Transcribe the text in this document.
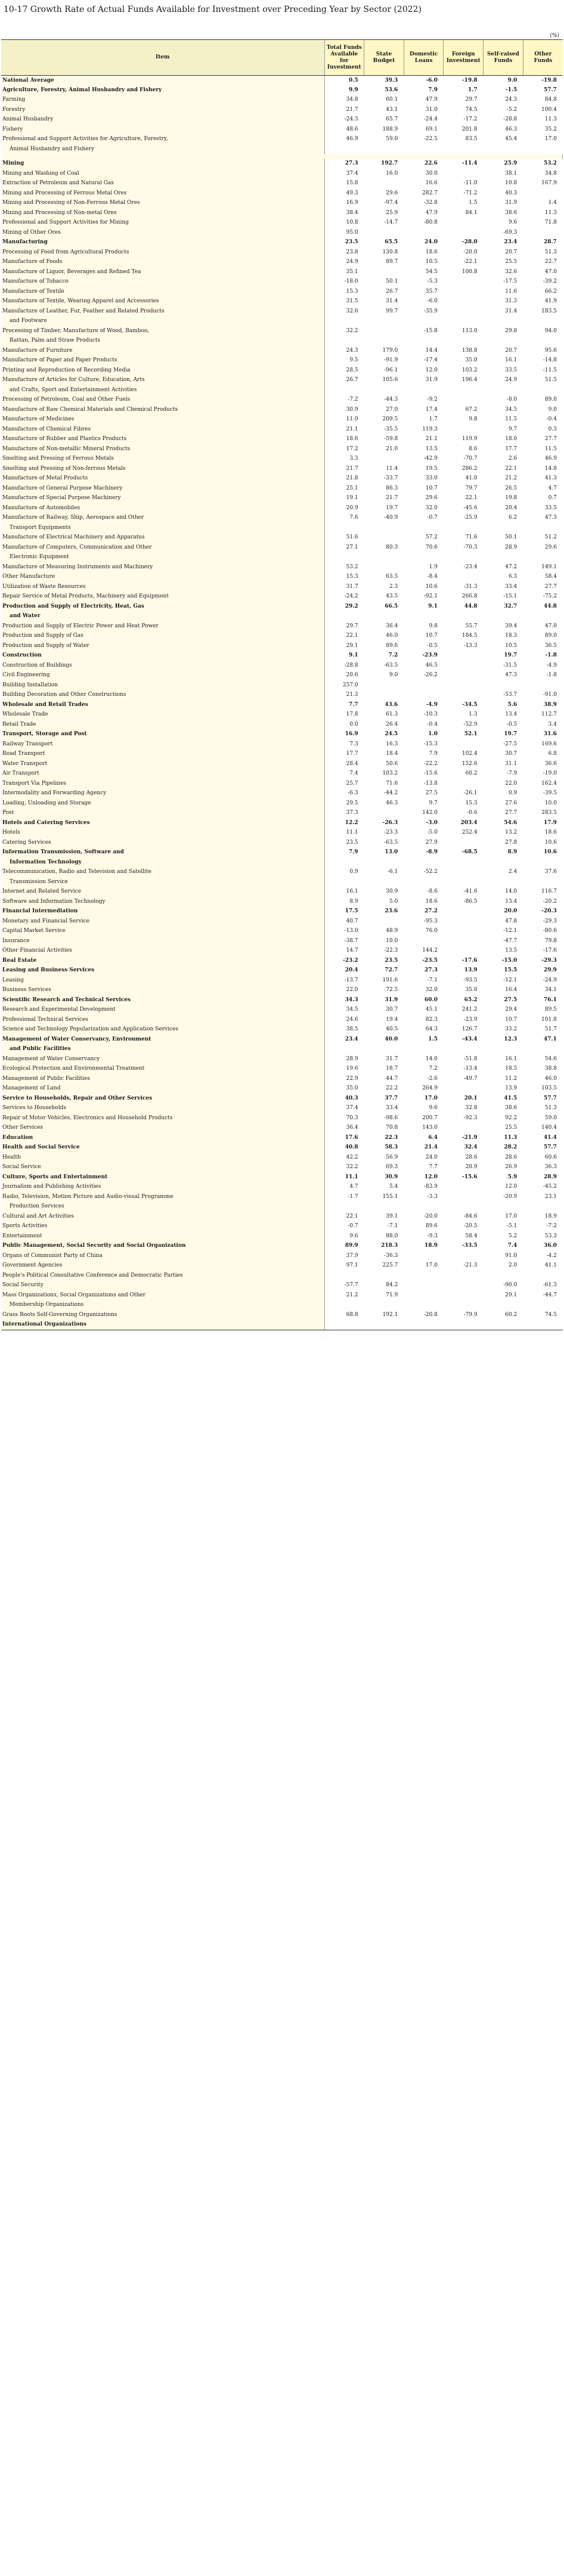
10-17 Growth Rate of Actual Funds Available for Investment over Preceding Year by Sector (2022)
(%)
Item	Total Funds Available for Investment	State Budget	Domestic Loans	Foreign Investment	Self-raised Funds	Other Funds
National Average	0.5	39.3	-6.0	-19.8	9.0	-19.8
Agriculture, Forestry, Animal Husbandry and Fishery	9.9	53.6	7.9	1.7	-1.5	57.7
Farming	34.8	60.1	47.9	29.7	24.3	84.8
Forestry	21.7	43.1	31.0	74.5	-5.2	100.4
Animal Husbandry	-24.3	65.7	-24.4	-17.2	-28.8	11.3
Fishery	48.6	188.9	69.1	201.8	46.3	35.2
Professional and Support Activities for Agriculture, Forestry,	46.9	59.0	-22.5	83.5	45.4	17.0
Animal Husbandry and Fishery						

Mining	27.3	192.7	22.6	-11.4	25.9	53.2
Mining and Washing of Coal	37.4	16.0	30.0		38.1	34.8
Extraction of Petroleum and Natural Gas	15.8		16.6	-11.0	10.8	167.9
Mining and Processing of Ferrous Metal Ores	49.3	29.6	282.7	-71.2	40.3	
Mining and Processing of Non-Ferrous Metal Ores	16.9	-97.4	-32.8	1.5	31.9	1.4
Mining and Processing of Non-metal Ores	38.4	25.9	47.9	84.1	38.6	11.3
Professional and Support Activities for Mining	10.8	-14.7	-80.8		9.6	71.8
Mining of Other Ores	95.0				-69.3	
Manufacturing	23.5	65.5	24.0	-28.0	23.4	28.7
Processing of Food from Agricultural Products	23.8	130.8	18.6	-20.0	20.7	51.3
Manufacture of Foods	24.9	89.7	10.5	-22.1	25.5	22.7
Manufacture of Liquor, Beverages and Refined Tea	35.1		54.5	100.8	32.6	47.0
Manufacture of Tobacco	-18.0	50.1	-5.3		-17.5	-39.2
Manufacture of Textile	15.3	26.7	35.7		11.6	66.2
Manufacture of Textile, Wearing Apparel and Accessories	31.5	31.4	-6.0		31.3	41.9
Manufacture of Leather, Fur, Feather and Related Products	32.6	99.7	-35.9		31.4	183.5
and Footware						
Processing of Timber, Manufacture of Wood, Bamboo,	32.2		-15.8	113.0	29.8	94.0
Rattan, Palm and Straw Products						
Manufacture of Furniture	24.3	179.0	14.4	138.8	20.7	95.6
Manufacture of Paper and Paper Products	9.5	-91.9	-17.4	35.0	16.1	-14.8
Printing and Reproduction of Recording Media	28.5	-96.1	12.0	103.2	33.5	-11.5
Manufacture of Articles for Culture, Education, Arts	26.7	105.6	31.9	196.4	24.9	51.5
and Crafts, Sport and Entertainment Activities						
Processing of Petroleum, Coal and Other Fuels	-7.2	-44.3	-9.2		-8.0	89.0
Manufacture of Raw Chemical Materials and Chemical Products	30.9	27.0	17.4	67.2	34.5	9.0
Manufacture of Medicines	11.0	209.5	1.7	9.8	11.5	-0.4
Manufacture of Chemical Fibres	21.1	-35.5	119.3		9.7	0.3
Manufacture of Rubber and Plastics Products	18.6	-59.8	21.1	119.9	18.0	27.7
Manufacture of Non-metallic Mineral Products	17.2	21.0	13.5	8.6	17.7	11.5
Smelting and Pressing of Ferrous Metals	3.3		-42.9	-70.7	2.6	46.9
Smelting and Pressing of Non-ferrous Metals	21.7	11.4	19.5	286.2	22.1	14.8
Manufacture of Metal Products	21.8	-33.7	33.0	41.0	21.2	41.3
Manufacture of General Purpose Machinery	25.1	86.3	10.7	79.7	26.5	4.7
Manufacture of Special Purpose Machinery	19.1	21.7	29.6	22.1	19.8	0.7
Manufacture of Automobiles	20.9	19.7	32.0	-45.6	20.4	33.5
Manufacture of Railway, Ship, Aerospace and Other	7.6	-40.9	-0.7	-25.9	6.2	47.3
Transport Equipments						
Manufacture of Electrical Machinery and Apparatus	51.6		57.2	71.6	50.1	51.2
Manufacture of Computers, Communication and Other	27.1	80.3	70.6	-70.3	28.9	29.6
Electronic Equipment						
Manufacture of Measuring Instruments and Machinery	53.2		1.9	-23.4	47.2	149.1
Other Manufacture	15.3	63.5	-8.4		6.3	58.4
Utilization of Waste Resources	31.7	2.3	10.6	-31.3	33.4	27.7
Repair Service of Metal Products, Machinery and Equipment	-24.2	43.5	-92.1	266.8	-15.1	-75.2
Production and Supply of Electricity, Heat, Gas	29.2	66.5	9.1	44.8	32.7	44.8
and Water						
Production and Supply of Electric Power and Heat Power	29.7	36.4	9.8	55.7	39.4	47.0
Production and Supply of Gas	22.1	46.0	10.7	184.5	18.3	89.0
Production and Supply of Water	29.1	89.6	-0.5	-13.3	10.5	36.5
Construction	9.1	7.2	-23.9		19.7	-1.8
Construction of Buildings	-28.8	-63.5	46.5		-31.5	-4.9
Civil Engineering	20.6	9.0	-26.2		47.3	-1.8
Building Installation	257.0					
Building Decoration and Other Constructions	21.3				-53.7	-91.0
Wholesale and Retail Trades	7.7	43.6	-4.9	-34.5	5.6	38.9
Wholesale Trade	17.8	61.3	-10.3	1.3	13.4	112.7
Retail Trade	0.0	26.4	-0.4	-52.9	-0.5	3.4
Transport, Storage and Post	16.9	24.5	1.0	52.1	19.7	31.6
Railway Transport	7.3	16.3	-15.3		-27.5	169.6
Road Transport	17.7	18.4	7.9	102.4	30.7	6.8
Water Transport	28.4	50.6	-22.2	152.6	31.1	36.6
Air Transport	7.4	103.2	-15.6	60.2	-7.9	-19.0
Transport Via Pipelines	25.7	71.6	-13.8		22.0	162.4
Intermodality and Forwarding Agency	-6.3	-44.2	27.5	-26.1	0.9	-39.5
Loading, Unloading and Storage	29.5	46.3	9.7	15.3	27.6	10.0
Post	37.3		142.0	-0.6	27.7	283.5
Hotels and Catering Services	12.2	-26.3	-3.0	203.4	54.6	17.9
Hotels	11.1	-23.3	-5.0	252.4	13.2	18.6
Catering Services	23.5	-63.5	27.9		27.8	10.6
Information Transmission, Software and	7.9	13.0	-8.9	-68.5	8.9	10.6
Information Technology						
Telecommunication, Radio and Television and Satellite	0.9	-6.1	-52.2		2.4	37.6
Transmission Service						
Internet and Related Service	16.1	30.9	-8.6	-41.6	14.0	116.7
Software and Information Technology	8.9	5.0	18.6	-86.5	13.4	-20.2
Financial Intermediation	17.5	23.6	27.2		20.0	-20.3
Monetary and Financial Service	40.7		-95.3		47.8	-29.3
Capital Market Service	-13.0	48.9	76.0		-12.1	-80.6
Insurance	-38.7	10.0			-47.7	79.8
Other Financial Activities	14.7	-22.3	144.2		13.5	-17.6
Real Estate	-23.2	23.5	-23.5	-17.6	-15.0	-29.3
Leasing and Business Services	20.4	72.7	27.3	13.9	15.5	29.9
Leasing	-13.7	191.6	-7.1	-93.5	-12.1	-24.9
Business Services	22.0	72.5	32.0	35.0	16.4	34.1
Scientific Research and Technical Services	34.3	31.9	60.0	65.2	27.5	76.1
Research and Experimental Development	34.5	30.7	45.1	241.2	29.4	89.5
Professional Technical Services	24.6	19.4	82.3	-23.9	10.7	101.8
Science and Technology Popularization and Application Services	38.5	40.5	64.3	126.7	33.2	51.7
Management of Water Conservancy, Environment	23.4	40.0	1.5	-43.4	12.3	47.1
and Public Facilities						
Management of Water Conservancy	28.9	31.7	14.0	-51.8	16.1	54.6
Ecological Protection and Environmental Treatment	19.6	18.7	7.2	-13.4	18.5	38.8
Management of Public Facilities	22.9	44.7	-2.6	-49.7	11.2	46.0
Management of Land	35.0	22.2	264.9		13.9	103.5
Service to Households, Repair and Other Services	40.3	37.7	17.0	20.1	41.5	57.7
Services to Households	37.4	33.4	9.6	32.8	38.6	51.3
Repair of Motor Vehicles, Electronics and Household Products	70.3	-98.6	200.7	-92.3	92.2	59.0
Other Services	36.4	70.8	143.0		25.5	140.4
Education	17.6	22.3	6.4	-21.9	11.3	41.4
Health and Social Service	40.8	58.3	21.4	32.4	28.2	57.7
Health	42.2	56.9	24.0	28.6	28.6	60.6
Social Service	32.2	69.3	7.7	20.9	26.9	36.3
Culture, Sports and Entertainment	11.1	30.9	12.0	-15.6	5.9	28.9
Journalism and Publishing Activities	4.7	5.4	-83.9		12.0	-45.2
Radio, Television, Motion Picture and Audio-visual Programme	-1.7	155.1	-3.3		-20.9	23.1
Production Services						
Cultural and Art Activities	22.1	39.1	-20.0	-84.6	17.0	18.9
Sports Activities	-0.7	-7.1	89.6	-20.5	-5.1	-7.2
Entertainment	9.6	88.0	-9.3	58.4	5.2	53.3
Public Management, Social Security and Social Organization	89.9	218.3	18.9	-33.5	7.4	36.0
Organs of Communist Party of China	37.9	-36.3			91.0	-4.2
Government Agencies	97.1	225.7	17.0	-21.3	2.0	41.1
People's Political Consultative Conference and Democratic Parties						
Social Security	-57.7	84.2			-90.0	-61.3
Mass Organizations, Social Organizations and Other	21.2	71.9			29.1	-44.7
Membership Organizations						
Grass Roots Self-Governing Organizations	68.8	192.1	-20.8	-79.9	60.2	74.5
International Organizations						
